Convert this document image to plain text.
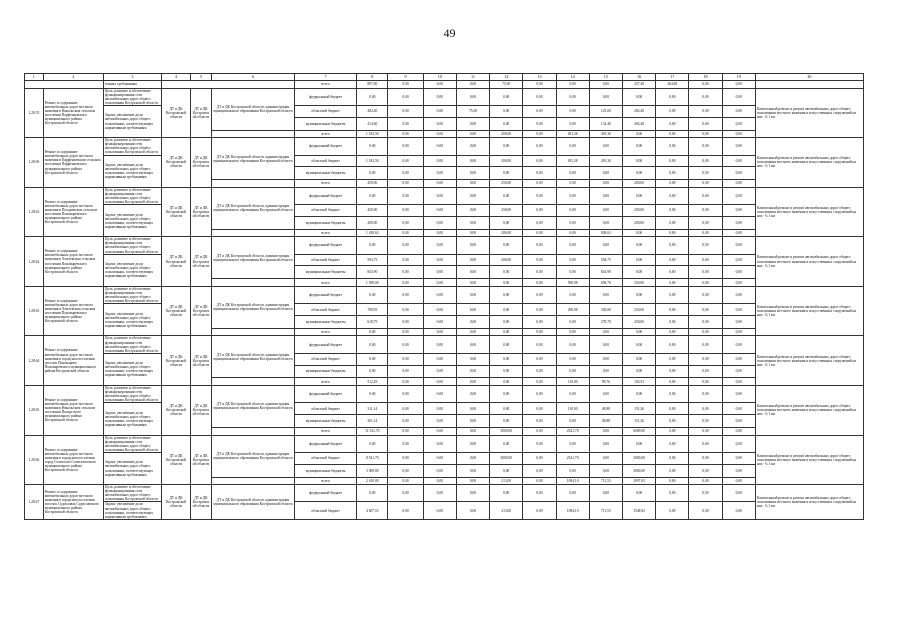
49
1	2	3	4	5	6	7	8	9	10	11	12	13	14	15	16	17	18	19	20
		тенных требованиям				всего	897,00	0,00	0,00	0,00	75,00	0,00	0,00	0,00	257,40	364,80	0,00	0,00	
1.28.55	Ремонт и содержание автомобильных дорог местного значения в Никольском сельском поселении Парфеньевского муниципального района Костромской области	Цель: развитие и обеспечение функционирования сети автомобильных дорог общего пользования Костромской области	ДТ и ДК Костромской области	ДТ и ДК Костромской области	ДТ и ДК Костромской области, администрация муниципального образования Костромской области	федеральный бюджет	0,00	0,00	0,00	0,00	0,00	0,00	0,00	0,00	0,00	0,00	0,00	0,00	Капитальный ремонт и ремонт автомобильных дорог общего пользования местного значения и искусственных сооружений на них - 0,1 км
		Задача: увеличение доли автомобильных дорог общего пользования, соответствующих нормативным требованиям				областной бюджет	482,40	0,00	0,00	75,00	0,00	0,00	0,00	125,00	282,40	0,00	0,00	0,00	
						муниципальные бюджеты	414,60	0,00	0,00	0,00	0,00	0,00	0,00	132,40	282,40	0,00	0,00	0,00	
						всего	1 182,50	0,00	0,00	0,00	200,00	0,00	491,28	491,30	0,00	0,00	0,00	0,00	
1.28.00	Ремонт и содержание автомобильных дорог местного значения в Парфеньевском сельском поселении Парфеньевского муниципального района Костромской области	Цель: развитие и обеспечение функционирования сети автомобильных дорог общего пользования Костромской области	ДТ и ДК Костромской области	ДТ и ДК Костромской области	ДТ и ДК Костромской области, администрация муниципального образования Костромской области	федеральный бюджет	0,00	0,00	0,00	0,00	0,00	0,00	0,00	0,00	0,00	0,00	0,00	0,00	Капитальный ремонт и ремонт автомобильных дорог общего пользования местного значения и искусственных сооружений на них - 0,1 км
		Задача: увеличение доли автомобильных дорог общего пользования, соответствующих нормативным требованиям				областной бюджет	1 182,50	0,00	0,00	0,00	200,00	0,00	491,28	491,30	0,00	0,00	0,00	0,00	
						муниципальные бюджеты	0,00	0,00	0,00	0,00	0,00	0,00	0,00	0,00	0,00	0,00	0,00	0,00	
						всего	450,00	0,00	0,00	0,00	250,00	0,00	0,00	0,00	200,00	0,00	0,00	0,00	
1.28.63	Ремонт и содержание автомобильных дорог местного значения в Полдневском сельском поселении Поназыревского муниципального района Костромской области	Цель: развитие и обеспечение функционирования сети автомобильных дорог общего пользования Костромской области	ДТ и ДК Костромской области	ДТ и ДК Костромской области	ДТ и ДК Костромской области, администрация муниципального образования Костромской области	федеральный бюджет	0,00	0,00	0,00	0,00	0,00	0,00	0,00	0,00	0,00	0,00	0,00	0,00	Капитальный ремонт и ремонт автомобильных дорог общего пользования местного значения и искусственных сооружений на них - 0,1 км
		Задача: увеличение доли автомобильных дорог общего пользования, соответствующих нормативным требованиям				областной бюджет	450,00	0,00	0,00	0,00	250,00	0,00	0,00	0,00	200,00	0,00	0,00	0,00	
						муниципальные бюджеты	200,00	0,00	0,00	0,00	0,00	0,00	0,00	0,00	200,00	0,00	0,00	0,00	
						всего	1 438,63	0,00	0,00	0,00	200,00	0,00	0,00	838,63	0,00	0,00	0,00	0,00	
1.28.62	Ремонт и содержание автомобильных дорог местного значения в Хмелевском сельском поселении Поназыревского муниципального района Костромской области	Цель: развитие и обеспечение функционирования сети автомобильных дорог общего пользования Костромской области	ДТ и ДК Костромской области	ДТ и ДК Костромской области	ДТ и ДК Костромской области, администрация муниципального образования Костромской области	федеральный бюджет	0,00	0,00	0,00	0,00	0,00	0,00	0,00	0,00	0,00	0,00	0,00	0,00	Капитальный ремонт и ремонт автомобильных дорог общего пользования местного значения и искусственных сооружений на них - 0,1 км
		Задача: увеличение доли автомобильных дорог общего пользования, соответствующих нормативным требованиям				областной бюджет	594,75	0,00	0,00	0,00	200,00	0,00	0,00	594,75	0,00	0,00	0,00	0,00	
						муниципальные бюджеты	843,90	0,00	0,00	0,00	0,00	0,00	0,00	843,90	0,00	0,00	0,00	0,00	
						всего	1 599,00	0,00	0,00	0,00	0,00	0,00	590,98	658,70	350,00	0,00	0,00	0,00	
1.28.63	Ремонт и содержание автомобильных дорог местного значения в Хмелевском сельском поселении Поназыревского муниципального района Костромской области	Цель: развитие и обеспечение функционирования сети автомобильных дорог общего пользования Костромской области	ДТ и ДК Костромской области	ДТ и ДК Костромской области	ДТ и ДК Костромской области, администрация муниципального образования Костромской области	федеральный бюджет	0,00	0,00	0,00	0,00	0,00	0,00	0,00	0,00	0,00	0,00	0,00	0,00	Капитальный ремонт и ремонт автомобильных дорог общего пользования местного значения и искусственных сооружений на них - 0,1 км
		Задача: увеличение доли автомобильных дорог общего пользования, соответствующих нормативным требованиям				областной бюджет	780,95	0,00	0,00	0,00	0,00	0,00	290,98	330,00	250,00	0,00	0,00	0,00	
						муниципальные бюджеты	618,79	0,00	0,00	0,00	0,00	0,00	0,00	278,70	250,00	0,00	0,00	0,00	
						всего	0,00	0,00	0,00	0,00	0,00	0,00	0,00	0,00	0,00	0,00	0,00	0,00	
1.28.64	Ремонт и содержание автомобильных дорог местного значения в городском поселении поселок Поназырево Поназыревского муниципального района Костромской области	Цель: развитие и обеспечение функционирования сети автомобильных дорог общего пользования Костромской области	ДТ и ДК Костромской области	ДТ и ДК Костромской области	ДТ и ДК Костромской области, администрация муниципального образования Костромской области	федеральный бюджет	0,00	0,00	0,00	0,00	0,00	0,00	0,00	0,00	0,00	0,00	0,00	0,00	Капитальный ремонт и ремонт автомобильных дорог общего пользования местного значения и искусственных сооружений на них - 0,1 км
		Задача: увеличение доли автомобильных дорог общего пользования, соответствующих нормативным требованиям				областной бюджет	0,00	0,00	0,00	0,00	0,00	0,00	0,00	0,00	0,00	0,00	0,00	0,00	
						муниципальные бюджеты	0,00	0,00	0,00	0,00	0,00	0,00	0,00	0,00	0,00	0,00	0,00	0,00	
						всего	512,29	0,00	0,00	0,00	0,00	0,00	110,00	99,76	102,53	0,00	0,00	0,00	
1.28.65	Ремонт и содержание автомобильных дорог местного значения в Никольском сельском поселении Пыщугского муниципального района Костромской области	Цель: развитие и обеспечение функционирования сети автомобильных дорог общего пользования Костромской области	ДТ и ДК Костромской области	ДТ и ДК Костромской области	ДТ и ДК Костромской области, администрация муниципального образования Костромской области	федеральный бюджет	0,00	0,00	0,00	0,00	0,00	0,00	0,00	0,00	0,00	0,00	0,00	0,00	Капитальный ремонт и ремонт автомобильных дорог общего пользования местного значения и искусственных сооружений на них - 0,1 км
		Задача: увеличение доли автомобильных дорог общего пользования, соответствующих нормативным требованиям				областной бюджет	311,14	0,00	0,00	0,00	0,00	0,00	110,00	49,88	151,26	0,00	0,00	0,00	
						муниципальные бюджеты	201,14	0,00	0,00	0,00	0,00	0,00	0,00	49,88	151,26	0,00	0,00	0,00	
						всего	11 541,70	0,00	0,00	0,00	3000,00	0,00	2541,70	0,00	6000,00	0,00	0,00	0,00	
1.28.66	Ремонт и содержание автомобильных дорог местного значения в городском поселении город Солигалич Солигаличского муниципального района Костромской области	Цель: развитие и обеспечение функционирования сети автомобильных дорог общего пользования Костромской области	ДТ и ДК Костромской области	ДТ и ДК Костромской области	ДТ и ДК Костромской области, администрация муниципального образования Костромской области	федеральный бюджет	0,00	0,00	0,00	0,00	0,00	0,00	0,00	0,00	0,00	0,00	0,00	0,00	Капитальный ремонт и ремонт автомобильных дорог общего пользования местного значения и искусственных сооружений на них - 0,1 км
		Задача: увеличение доли автомобильных дорог общего пользования, соответствующих нормативным требованиям				областной бюджет	8 541,70	0,00	0,00	0,00	3000,00	0,00	2541,70	0,00	3000,00	0,00	0,00	0,00	
						муниципальные бюджеты	3 000,00	0,00	0,00	0,00	0,00	0,00	0,00	0,00	3000,00	0,00	0,00	0,00	
						всего	2 610,00	0,00	0,00	0,00	213,00	0,00	1094,10	711,53	1097,65	0,00	0,00	0,00	
1.28.67	Ремонт и содержание автомобильных дорог местного значения в городском поселении поселок Судиславль Судиславского муниципального района Костромской области	Цель: развитие и обеспечение функционирования сети автомобильных дорог общего пользования Костромской области	ДТ и ДК Костромской области	ДТ и ДК Костромской области	ДТ и ДК Костромской области, администрация муниципального образования Костромской области	федеральный бюджет	0,00	0,00	0,00	0,00	0,00	0,00	0,00	0,00	0,00	0,00	0,00	0,00	Капитальный ремонт и ремонт автомобильных дорог общего пользования местного значения и искусственных сооружений на них - 0,1 км
		Задача: увеличение доли автомобильных дорог общего пользования, соответствующих нормативным требованиям				областной бюджет	4 607,53	0,00	0,00	0,00	213,00	0,00	1094,10	711,53	1548,92	0,00	0,00	0,00	
